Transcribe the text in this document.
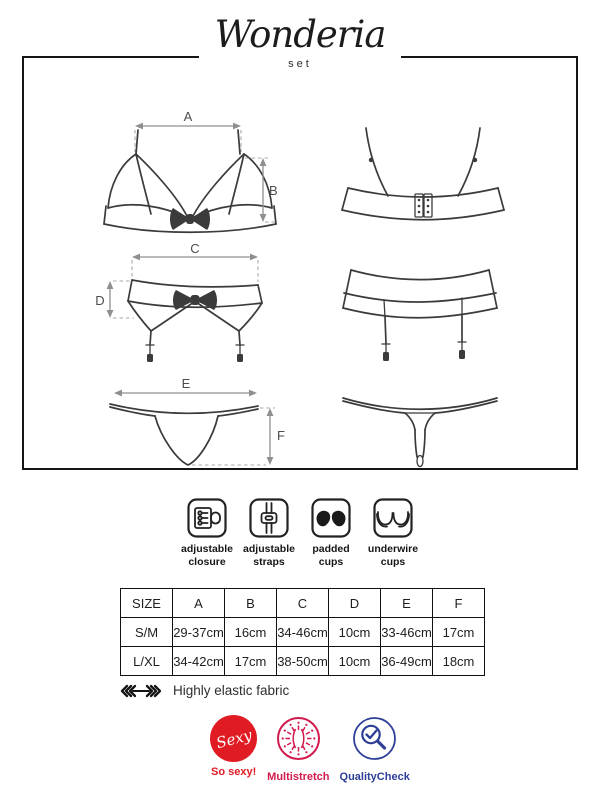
Wonderia
set
A
B
C
D
E
F
adjustable closure
adjustable straps
padded cups
underwire cups
SIZE	A	B	C	D	E	F
S/M	29-37cm	16cm	34-46cm	10cm	33-46cm	17cm
L/XL	34-42cm	17cm	38-50cm	10cm	36-49cm	18cm
Highly elastic fabric
Sexy
So sexy! Multistretch QualityCheck
